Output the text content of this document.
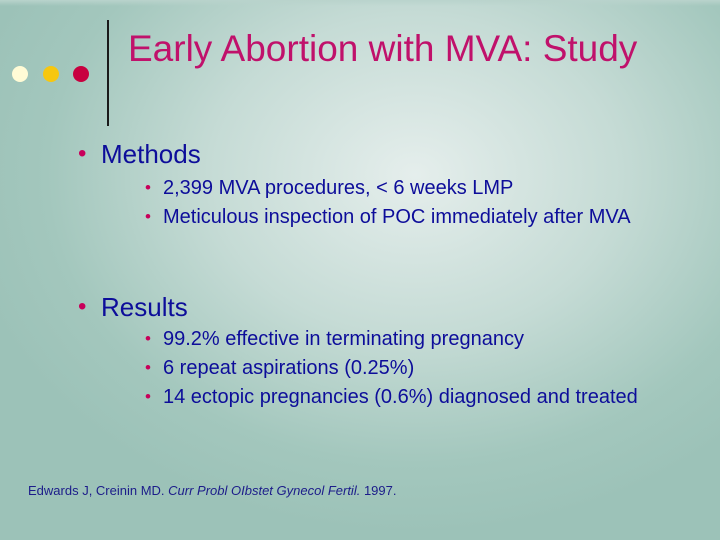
Early Abortion with MVA: Study
• Methods
• 2,399 MVA procedures, < 6 weeks LMP
• Meticulous inspection of POC immediately after MVA
• Results
• 99.2% effective in terminating pregnancy
• 6 repeat aspirations (0.25%)
• 14 ectopic pregnancies (0.6%) diagnosed and treated
Edwards J, Creinin MD. Curr Probl OIbstet Gynecol Fertil. 1997.
